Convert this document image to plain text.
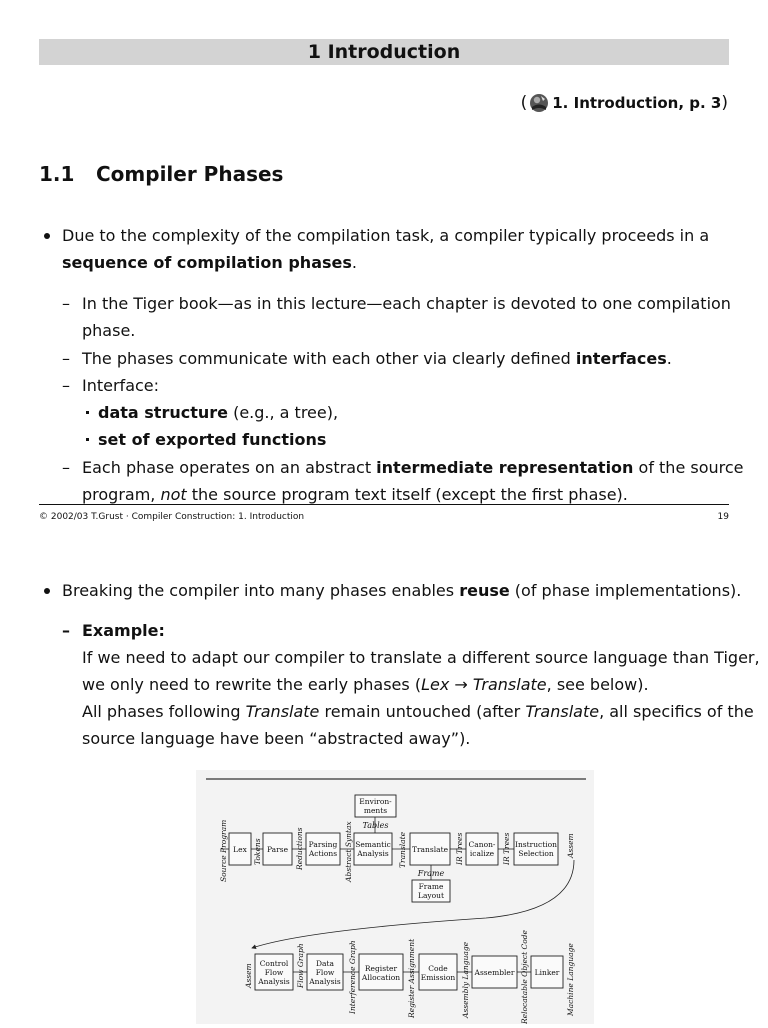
1 Introduction
( 1. Introduction, p. 3 )
1.1 Compiler Phases
Due to the complexity of the compilation task, a compiler typically proceeds in a
sequence of compilation phases.
– In the Tiger book—as in this lecture—each chapter is devoted to one compilation
phase.
– The phases communicate with each other via clearly defined interfaces.
– Interface:
data structure (e.g., a tree),
set of exported functions
– Each phase operates on an abstract intermediate representation of the source
program, not the source program text itself (except the first phase).
© 2002/03 T.Grust · Compiler Construction: 1. Introduction	19
Breaking the compiler into many phases enables reuse (of phase implementations).
– Example:
If we need to adapt our compiler to translate a different source language than Tiger,
we only need to rewrite the early phases (Lex → Translate, see below).
All phases following Translate remain untouched (after Translate, all specifics of the
source language have been “abstracted away”).
Environ-
ments
Lex	Parse
Parsing
Actions
Semantic
Analysis	Translate
Canon-
icalize
Instruction
Selection
Frame
Layout
Control
Flow
Analysis
Data
Flow
Analysis
Register
Allocation
Code
Emission
Assembler	Linker
Tables
Frame
Source Program	Tokens	Reductions	Abstract Syntax	Translate	IR Trees	IR Trees	Assem
Assem	Flow Graph	Interference Graph	Register Assignment	Assembly Language	Relocatable Object Code	Machine Language
